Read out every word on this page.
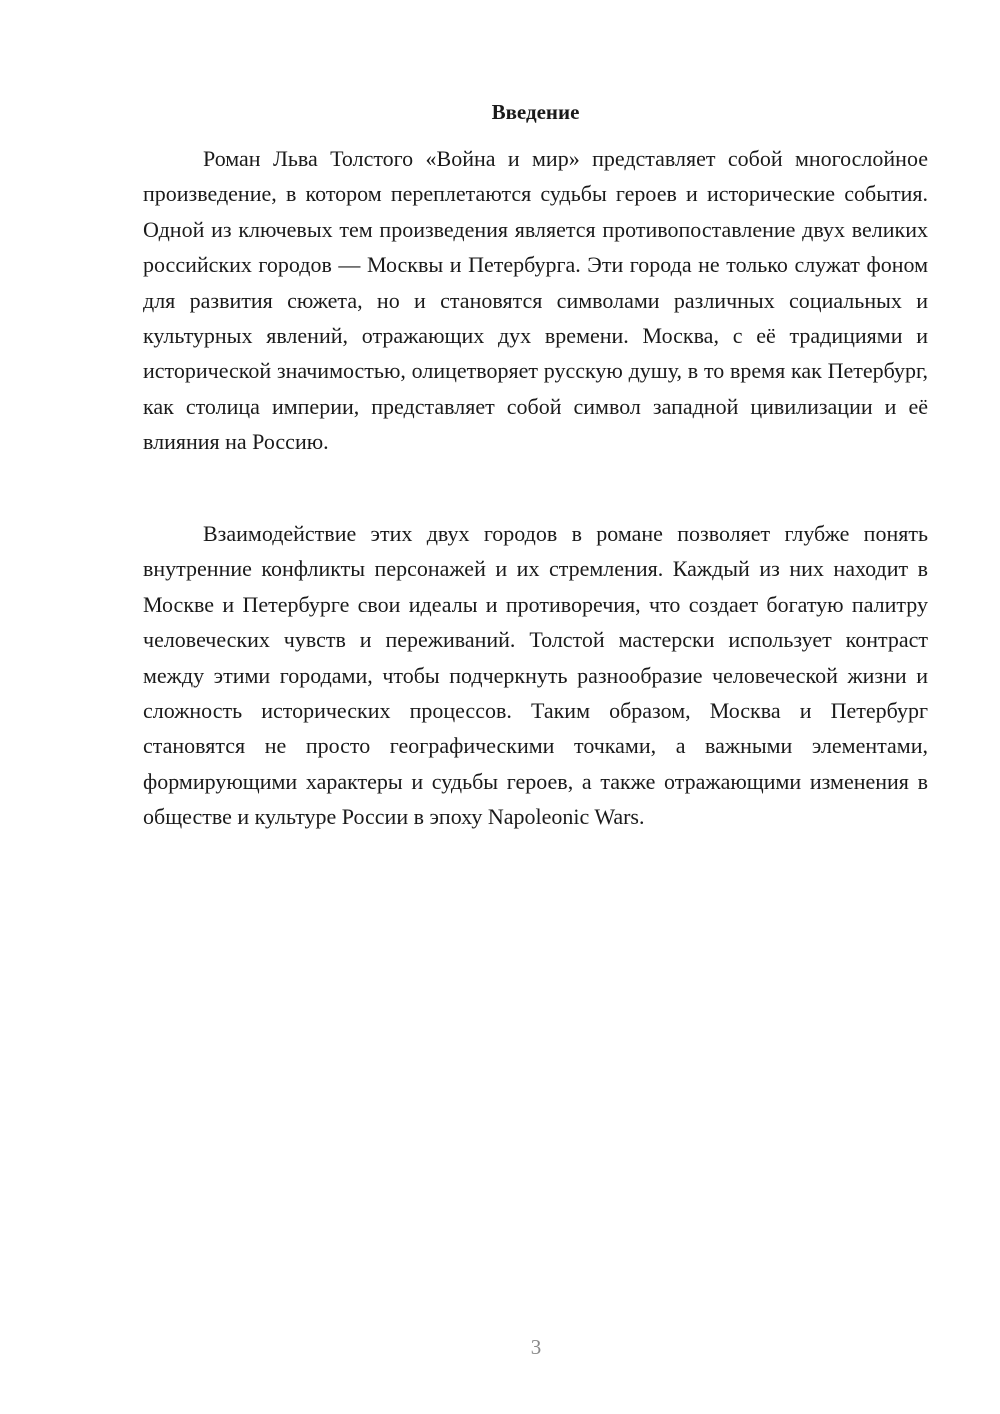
Введение

Роман Льва Толстого «Война и мир» представляет собой многослойное произведение, в котором переплетаются судьбы героев и исторические события. Одной из ключевых тем произведения является противопоставление двух великих российских городов — Москвы и Петербурга. Эти города не только служат фоном для развития сюжета, но и становятся символами различных социальных и культурных явлений, отражающих дух времени. Москва, с её традициями и исторической значимостью, олицетворяет русскую душу, в то время как Петербург, как столица империи, представляет собой символ западной цивилизации и её влияния на Россию.

Взаимодействие этих двух городов в романе позволяет глубже понять внутренние конфликты персонажей и их стремления. Каждый из них находит в Москве и Петербурге свои идеалы и противоречия, что создает богатую палитру человеческих чувств и переживаний. Толстой мастерски использует контраст между этими городами, чтобы подчеркнуть разнообразие человеческой жизни и сложность исторических процессов. Таким образом, Москва и Петербург становятся не просто географическими точками, а важными элементами, формирующими характеры и судьбы героев, а также отражающими изменения в обществе и культуре России в эпоху Napoleonic Wars.

3
